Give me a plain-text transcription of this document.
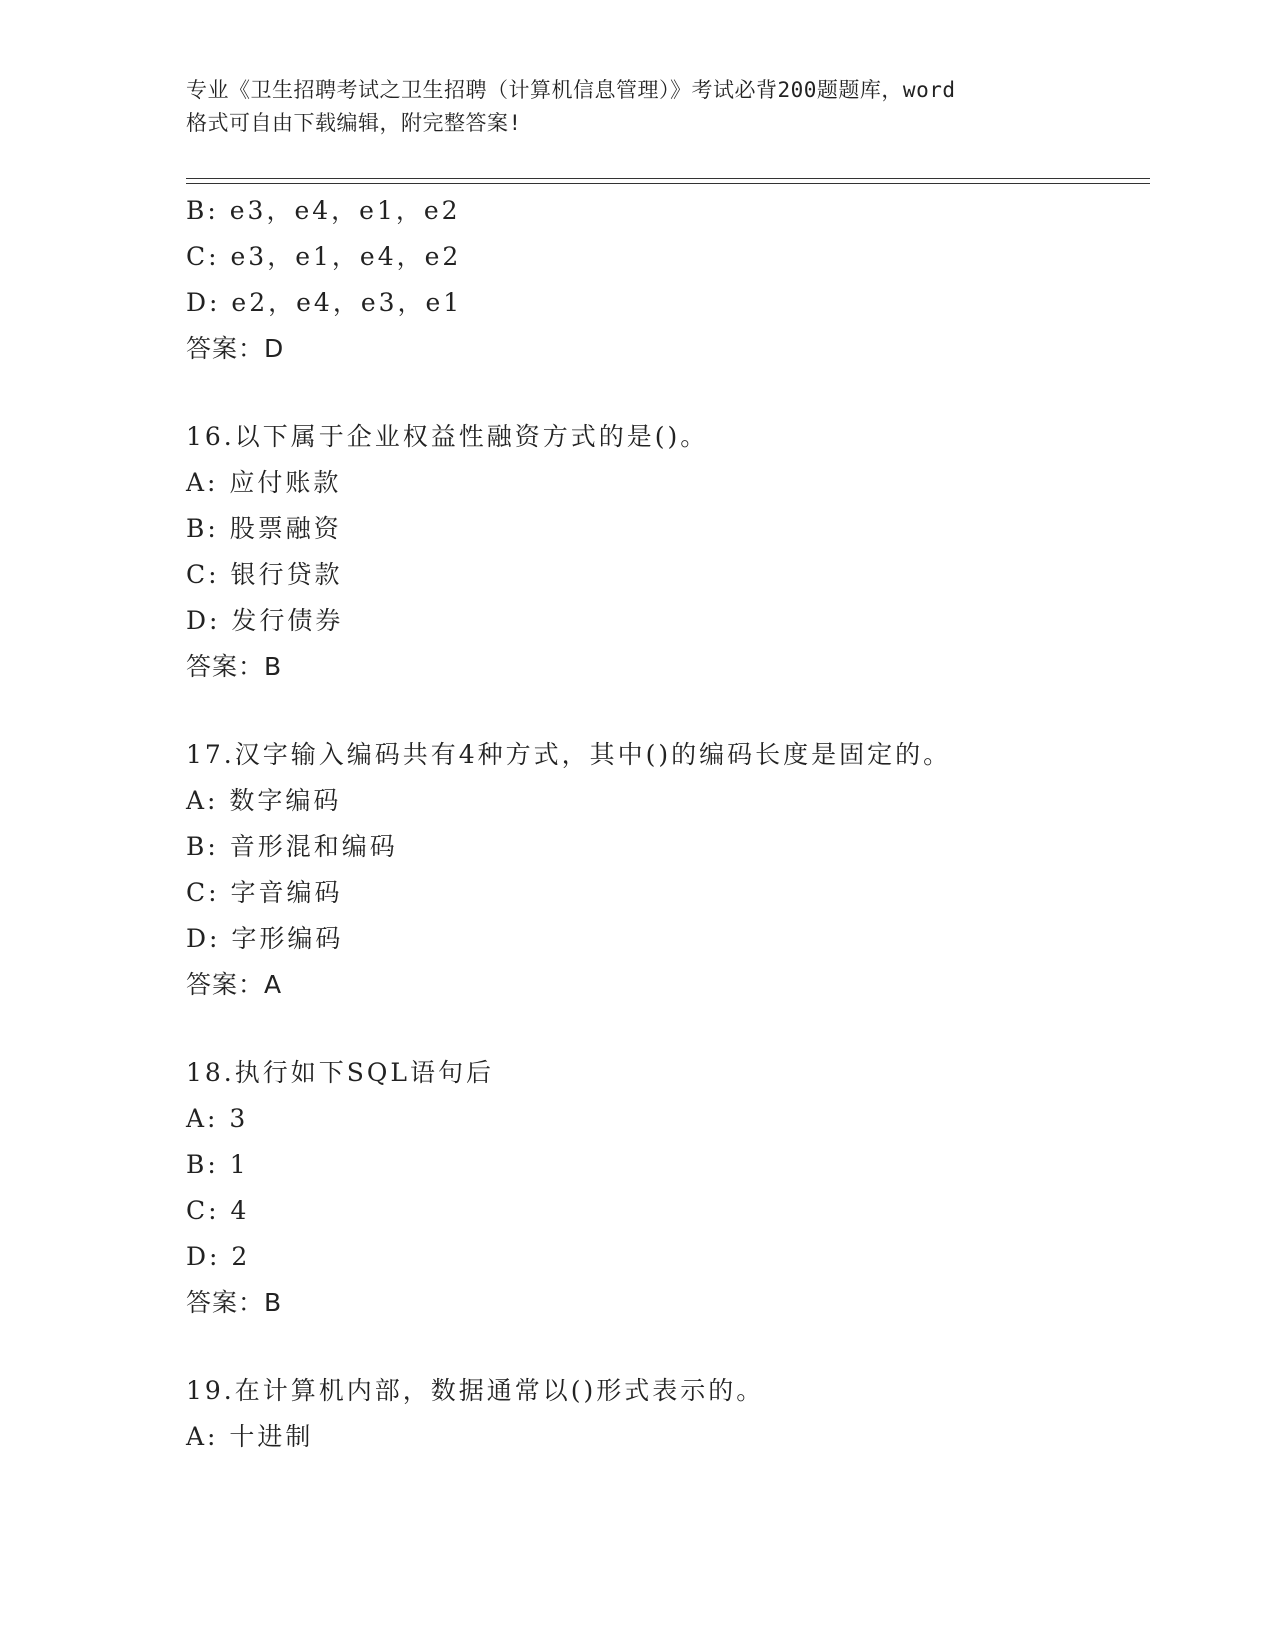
专业《卫生招聘考试之卫生招聘（计算机信息管理）》考试必背200题题库，word
格式可自由下载编辑，附完整答案!
B: e3，e4，e1，e2
C: e3，e1，e4，e2
D: e2，e4，e3，e1
答案：D
16.以下属于企业权益性融资方式的是()。
A: 应付账款
B: 股票融资
C: 银行贷款
D: 发行债券
答案：B
17.汉字输入编码共有4种方式，其中()的编码长度是固定的。
A: 数字编码
B: 音形混和编码
C: 字音编码
D: 字形编码
答案：A
18.执行如下SQL语句后
A: 3
B: 1
C: 4
D: 2
答案：B
19.在计算机内部，数据通常以()形式表示的。
A: 十进制
